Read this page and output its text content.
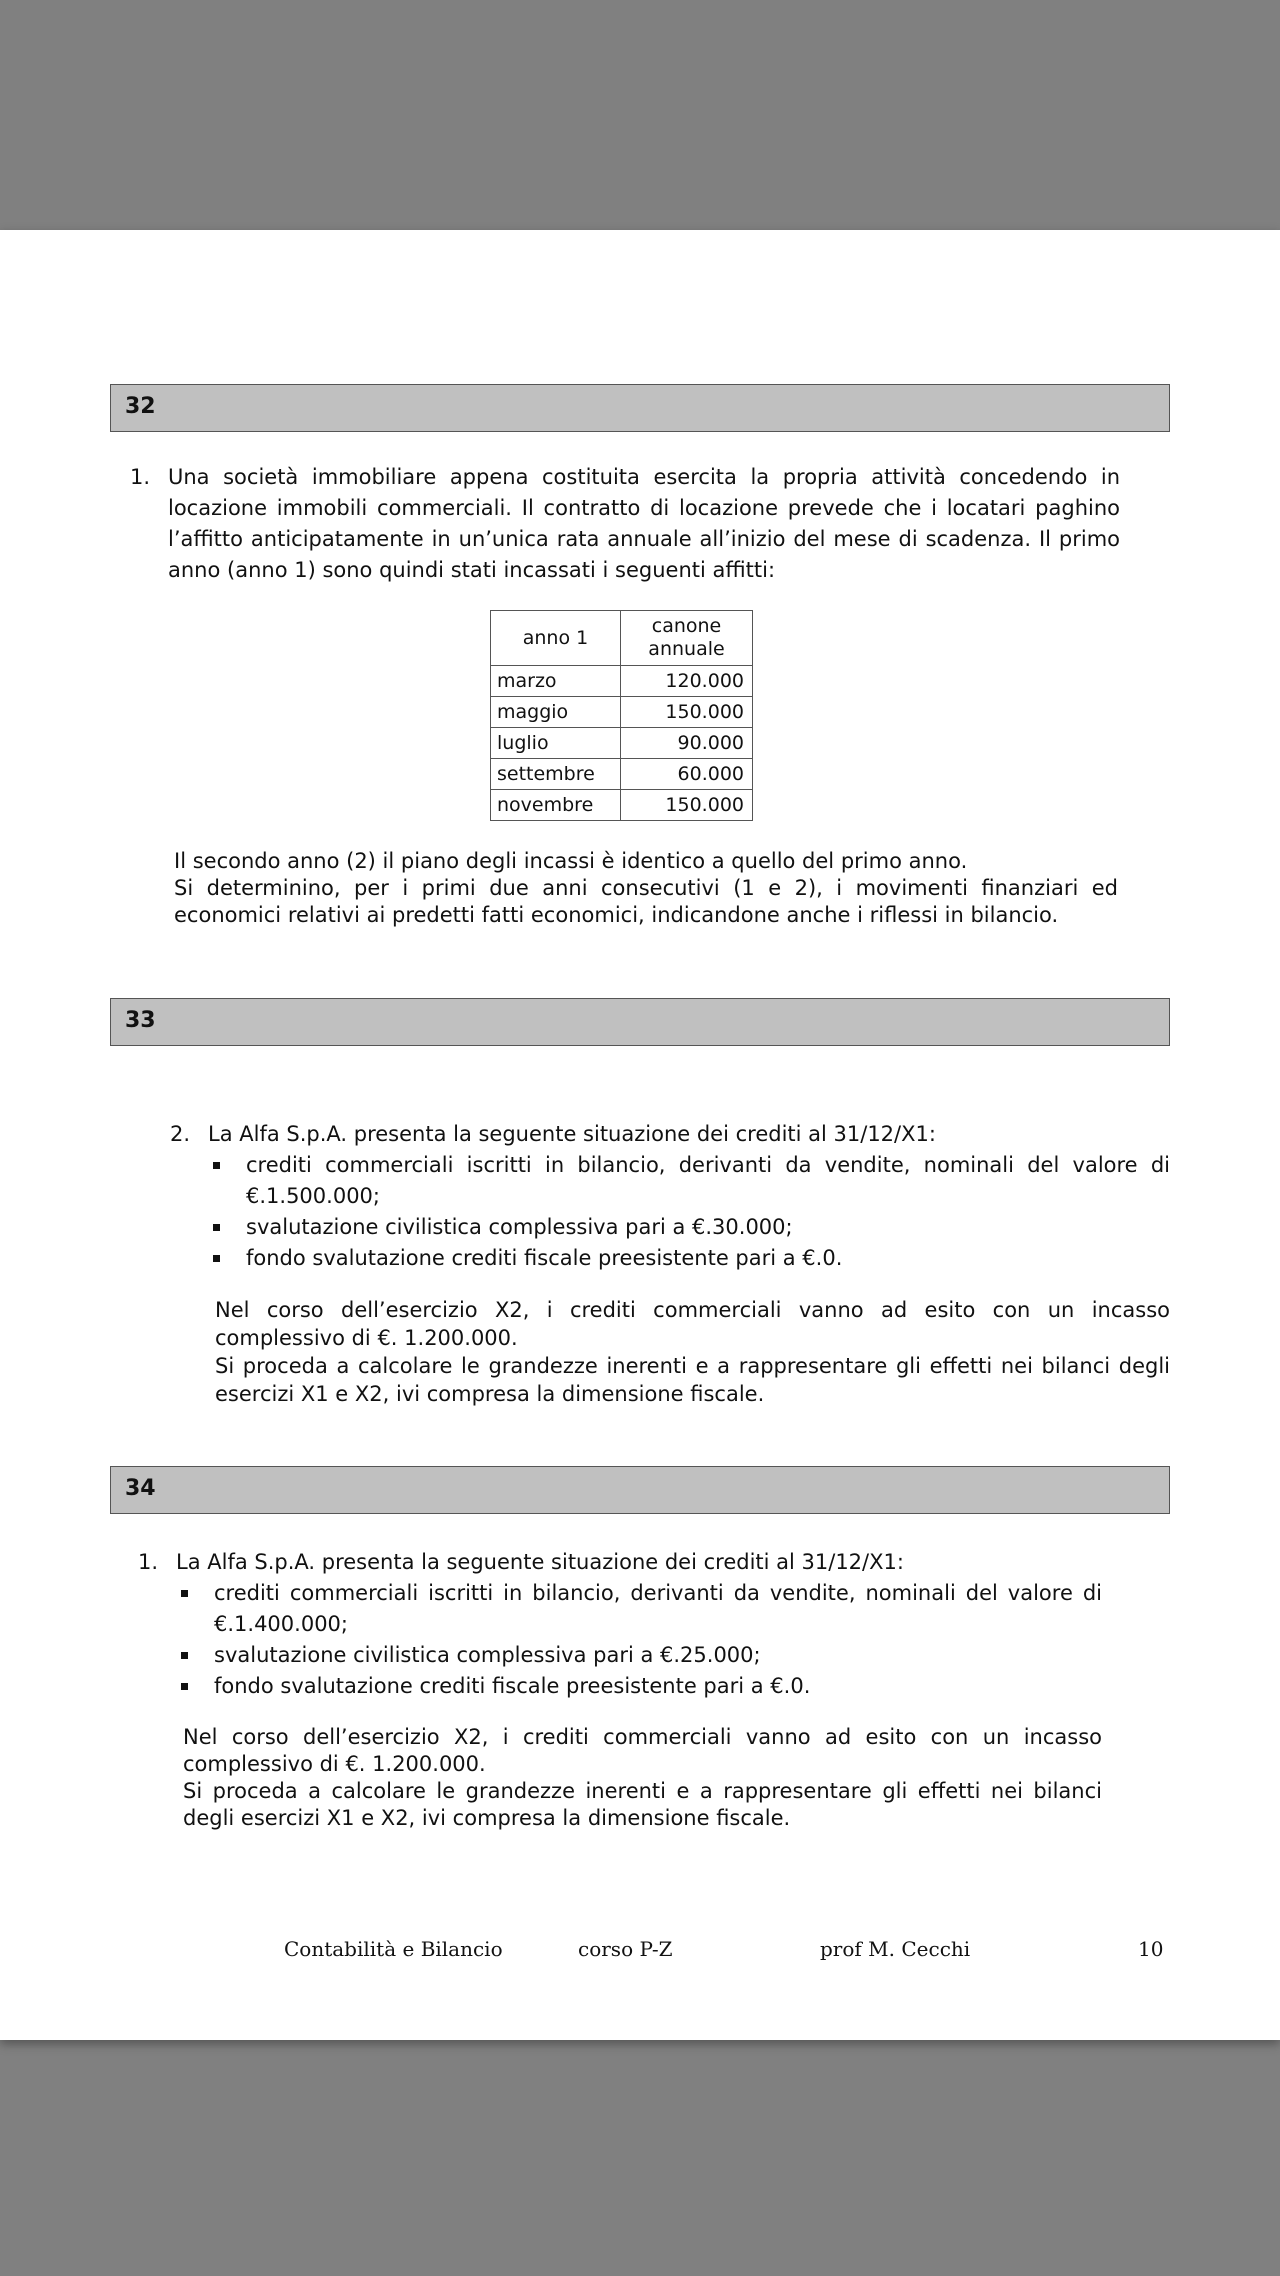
32
1. Una società immobiliare appena costituita esercita la propria attività concedendo in locazione immobili commerciali. Il contratto di locazione prevede che i locatari paghino l’affitto anticipatamente in un’unica rata annuale all’inizio del mese di scadenza. Il primo anno (anno 1) sono quindi stati incassati i seguenti affitti:
anno 1	canone annuale
marzo	120.000
maggio	150.000
luglio	90.000
settembre	60.000
novembre	150.000

Il secondo anno (2) il piano degli incassi è identico a quello del primo anno.

Si determinino, per i primi due anni consecutivi (1 e 2), i movimenti finanziari ed economici relativi ai predetti fatti economici, indicandone anche i riflessi in bilancio.

33
2. La Alfa S.p.A. presenta la seguente situazione dei crediti al 31/12/X1:
crediti commerciali iscritti in bilancio, derivanti da vendite, nominali del valore di €.1.500.000;
svalutazione civilistica complessiva pari a €.30.000;
fondo svalutazione crediti fiscale preesistente pari a €.0.

Nel corso dell’esercizio X2, i crediti commerciali vanno ad esito con un incasso complessivo di €. 1.200.000.

Si proceda a calcolare le grandezze inerenti e a rappresentare gli effetti nei bilanci degli esercizi X1 e X2, ivi compresa la dimensione fiscale.

34
1. La Alfa S.p.A. presenta la seguente situazione dei crediti al 31/12/X1:
crediti commerciali iscritti in bilancio, derivanti da vendite, nominali del valore di €.1.400.000;
svalutazione civilistica complessiva pari a €.25.000;
fondo svalutazione crediti fiscale preesistente pari a €.0.

Nel corso dell’esercizio X2, i crediti commerciali vanno ad esito con un incasso complessivo di €. 1.200.000.

Si proceda a calcolare le grandezze inerenti e a rappresentare gli effetti nei bilanci degli esercizi X1 e X2, ivi compresa la dimensione fiscale.

Contabilità e Bilancio	corso P-Z	prof M. Cecchi	10
